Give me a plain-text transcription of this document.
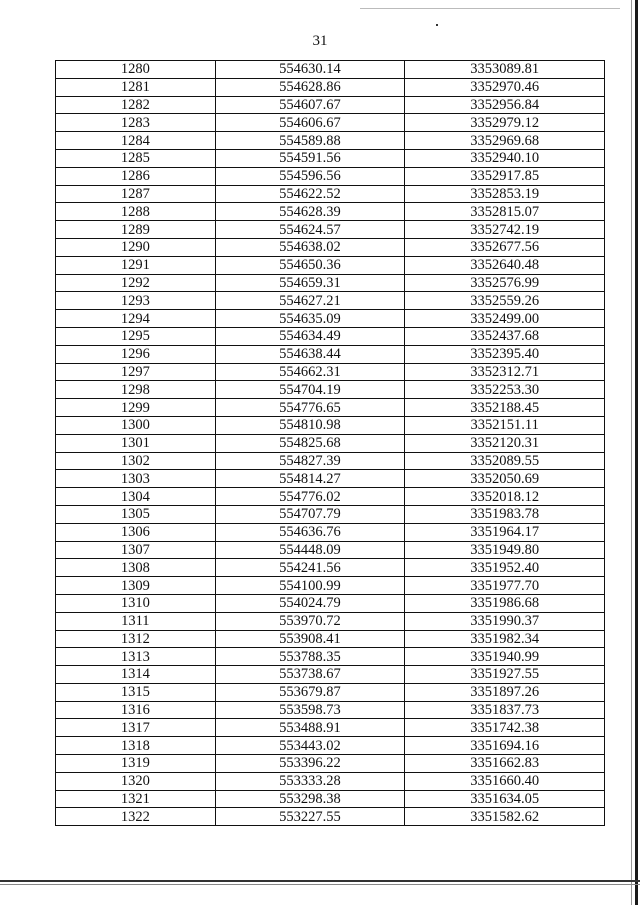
31
1280	554630.14	3353089.81
1281	554628.86	3352970.46
1282	554607.67	3352956.84
1283	554606.67	3352979.12
1284	554589.88	3352969.68
1285	554591.56	3352940.10
1286	554596.56	3352917.85
1287	554622.52	3352853.19
1288	554628.39	3352815.07
1289	554624.57	3352742.19
1290	554638.02	3352677.56
1291	554650.36	3352640.48
1292	554659.31	3352576.99
1293	554627.21	3352559.26
1294	554635.09	3352499.00
1295	554634.49	3352437.68
1296	554638.44	3352395.40
1297	554662.31	3352312.71
1298	554704.19	3352253.30
1299	554776.65	3352188.45
1300	554810.98	3352151.11
1301	554825.68	3352120.31
1302	554827.39	3352089.55
1303	554814.27	3352050.69
1304	554776.02	3352018.12
1305	554707.79	3351983.78
1306	554636.76	3351964.17
1307	554448.09	3351949.80
1308	554241.56	3351952.40
1309	554100.99	3351977.70
1310	554024.79	3351986.68
1311	553970.72	3351990.37
1312	553908.41	3351982.34
1313	553788.35	3351940.99
1314	553738.67	3351927.55
1315	553679.87	3351897.26
1316	553598.73	3351837.73
1317	553488.91	3351742.38
1318	553443.02	3351694.16
1319	553396.22	3351662.83
1320	553333.28	3351660.40
1321	553298.38	3351634.05
1322	553227.55	3351582.62
